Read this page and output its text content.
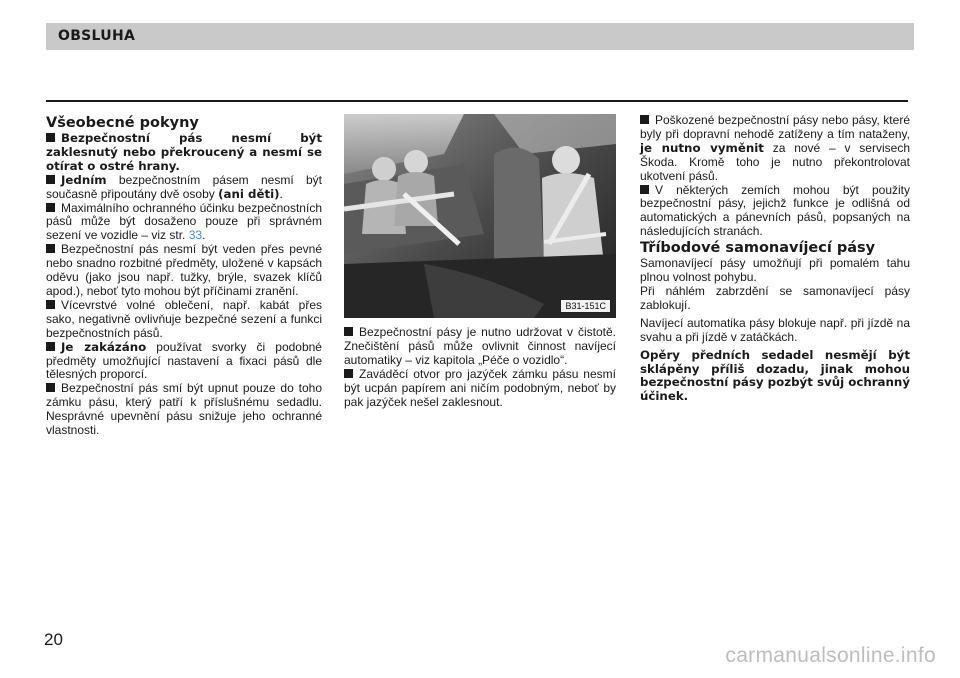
OBSLUHA

Všeobecné pokyny

Bezpečnostní pás nesmí být zaklesnutý nebo překroucený a nesmí se otírat o ostré hrany.

Jedním bezpečnostním pásem nesmí být současně připoutány dvě osoby (ani děti).

Maximálního ochranného účinku bezpečnostních pásů může být dosaženo pouze při správném sezení ve vozidle – viz str. 33.

Bezpečnostní pás nesmí být veden přes pevné nebo snadno rozbitné předměty, uložené v kapsách oděvu (jako jsou např. tužky, brýle, svazek klíčů apod.), neboť tyto mohou být příčinami zranění.

Vícevrstvé volné oblečení, např. kabát přes sako, negativně ovlivňuje bezpečné sezení a funkci bezpečnostních pásů.

Je zakázáno používat svorky či podobné předměty umožňující nastavení a fixaci pásů dle tělesných proporcí.

Bezpečnostní pás smí být upnut pouze do toho zámku pásu, který patří k příslušnému sedadlu. Nesprávné upevnění pásu snižuje jeho ochranné vlastnosti.

B31-151C

Bezpečnostní pásy je nutno udržovat v čistotě. Znečištění pásů může ovlivnit činnost navíjecí automatiky – viz kapitola „Péče o vozidlo“.

Zaváděcí otvor pro jazýček zámku pásu nesmí být ucpán papírem ani ničím podobným, neboť by pak jazýček nešel zaklesnout.

Poškozené bezpečnostní pásy nebo pásy, které byly při dopravní nehodě zatíženy a tím nataženy, je nutno vyměnit za nové – v servisech Škoda. Kromě toho je nutno překontrolovat ukotvení pásů.

V některých zemích mohou být použity bezpečnostní pásy, jejichž funkce je odlišná od automatických a pánevních pásů, popsaných na následujících stranách.

Tříbodové samonavíjecí pásy

Samonavíjecí pásy umožňují při pomalém tahu plnou volnost pohybu.

Při náhlém zabrzdění se samonavíjecí pásy zablokují.

Navíjecí automatika pásy blokuje např. při jízdě na svahu a při jízdě v zatáčkách.

Opěry předních sedadel nesmějí být sklápěny příliš dozadu, jinak mohou bezpečnostní pásy pozbýt svůj ochranný účinek.

20
carmanualsonline.info
